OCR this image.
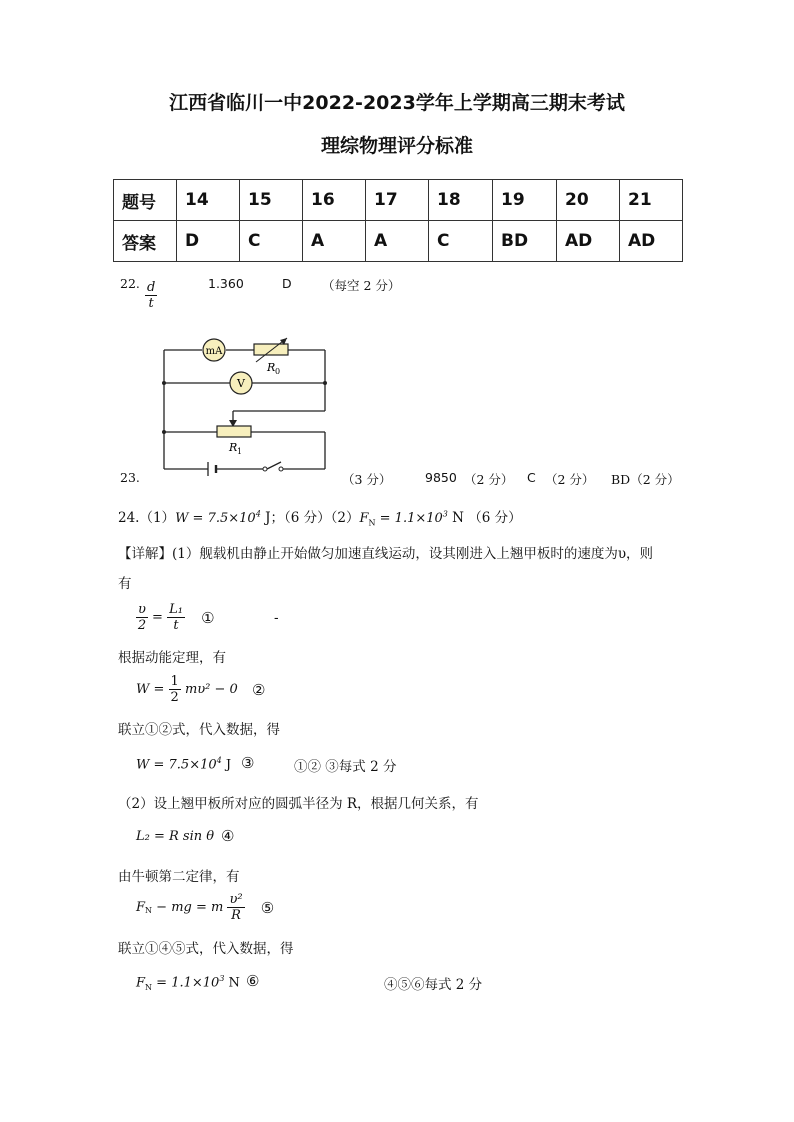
江西省临川一中2022-2023学年上学期高三期末考试
理综物理评分标准
题号	14	15	16	17	18	19	20	21
答案	D	C	A	A	C	BD	AD	AD
22. $\frac{d}{t}$	1.360	D （每空 2 分）
mA
R 0
V
R 1
23.	（3 分）	9850 （2 分） C （2 分） BD（2 分）
$24.(1)W = 7.5\times 10^4$ J；（6 分）$(2)F_N = 1.1\times 10^3$ N （6 分）
【详解】(1）舰载机由静止开始做匀加速直线运动，设其刚进入上翘甲板时的速度为υ，则
有
$\frac{\upsilon}{2} = \frac{\text{L₁}}{t}$ ①	-
根据动能定理，有
$W = \frac{1}{2} m\upsilon^2 - 0$ ②
联立①②式，代入数据，得
$W = 7.5\times 10^4$ J ③	①② ③每式 2 分
（2）设上翘甲板所对应的圆弧半径为 R，根据几何关系，有
L₂ = R sin θ ④
由牛顿第二定律，有
$F_N$ − mg = m $\frac{\text{υ²}}{R}$ ⑤
联立①④⑤式，代入数据，得
$F_N = 1.1\times 10^3$ N ⑥	④⑤⑥每式 2 分
